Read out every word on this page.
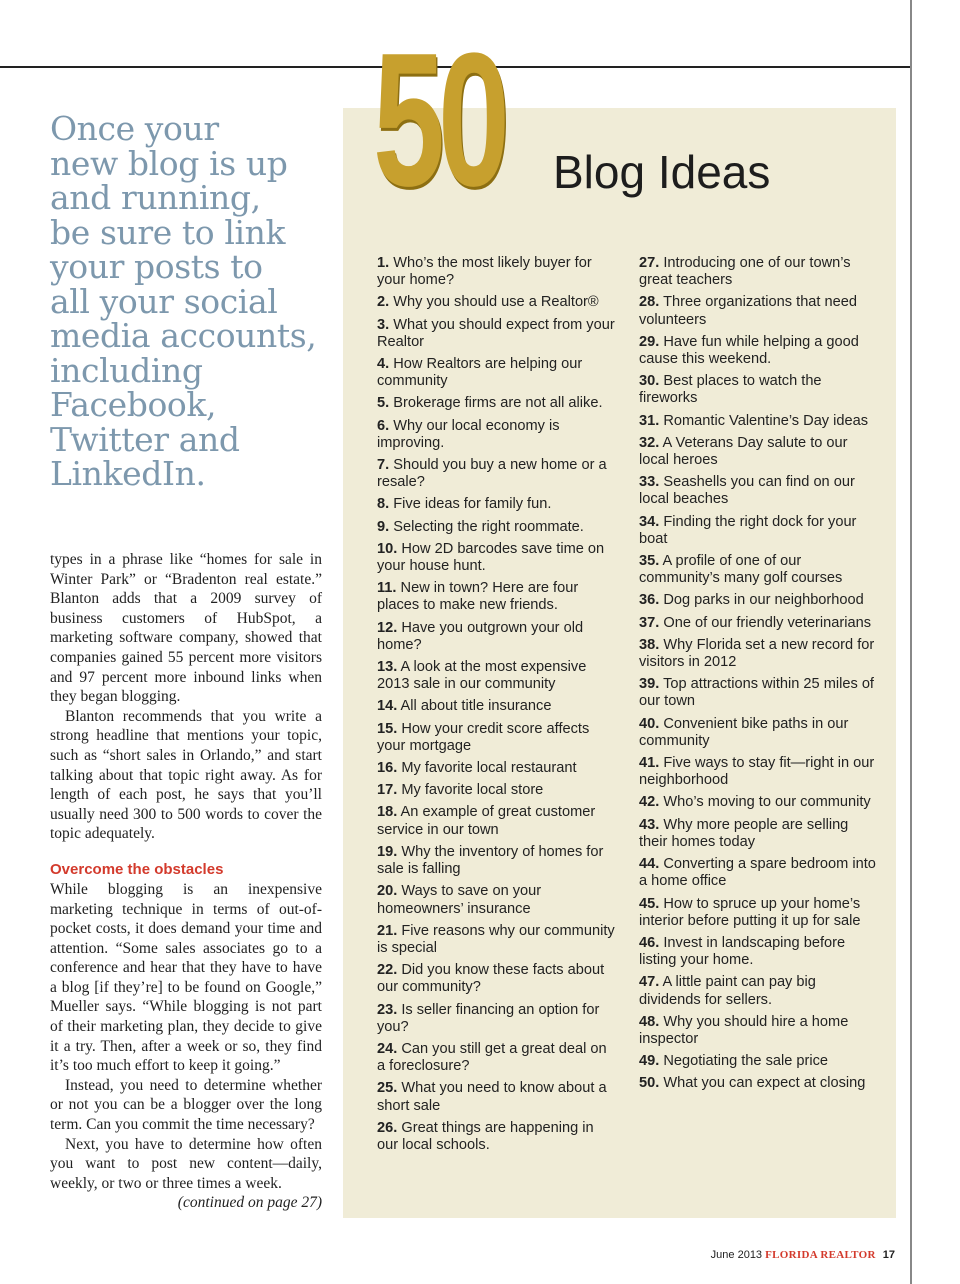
Once your
new blog is up
and running,
be sure to link
your posts to
all your social
media accounts,
including
Facebook,
Twitter and
LinkedIn.

types in a phrase like “homes for sale in Winter Park” or “Bradenton real estate.” Blanton adds that a 2009 survey of business customers of HubSpot, a marketing software company, showed that companies gained 55 percent more visitors and 97 percent more inbound links when they began blogging.

Blanton recommends that you write a strong headline that mentions your topic, such as “short sales in Orlando,” and start talking about that topic right away. As for length of each post, he says that you’ll usually need 300 to 500 words to cover the topic adequately.

Overcome the obstacles

While blogging is an inexpensive marketing technique in terms of out-of-pocket costs, it does demand your time and attention. “Some sales associates go to a conference and hear that they have to have a blog [if they’re] to be found on Google,” Mueller says. “While blogging is not part of their marketing plan, they decide to give it a try. Then, after a week or so, they find it’s too much effort to keep it going.”

Instead, you need to determine whether or not you can be a blogger over the long term. Can you commit the time necessary?

Next, you have to determine how often you want to post new content—daily, weekly, or two or three times a week.

(continued on page 27)

50 Blog Ideas
1. Who’s the most likely buyer for your home?
2. Why you should use a Realtor®
3. What you should expect from your Realtor
4. How Realtors are helping our community
5. Brokerage firms are not all alike.
6. Why our local economy is improving.
7. Should you buy a new home or a resale?
8. Five ideas for family fun.
9. Selecting the right roommate.
10. How 2D barcodes save time on your house hunt.
11. New in town? Here are four places to make new friends.
12. Have you outgrown your old home?
13. A look at the most expensive 2013 sale in our community
14. All about title insurance
15. How your credit score affects your mortgage
16. My favorite local restaurant
17. My favorite local store
18. An example of great customer service in our town
19. Why the inventory of homes for sale is falling
20. Ways to save on your homeowners’ insurance
21. Five reasons why our community is special
22. Did you know these facts about our community?
23. Is seller financing an option for you?
24. Can you still get a great deal on a foreclosure?
25. What you need to know about a short sale
26. Great things are happening in our local schools.
27. Introducing one of our town’s great teachers
28. Three organizations that need volunteers
29. Have fun while helping a good cause this weekend.
30. Best places to watch the fireworks
31. Romantic Valentine’s Day ideas
32. A Veterans Day salute to our local heroes
33. Seashells you can find on our local beaches
34. Finding the right dock for your boat
35. A profile of one of our community’s many golf courses
36. Dog parks in our neighborhood
37. One of our friendly veterinarians
38. Why Florida set a new record for visitors in 2012
39. Top attractions within 25 miles of our town
40. Convenient bike paths in our community
41. Five ways to stay fit—right in our neighborhood
42. Who’s moving to our community
43. Why more people are selling their homes today
44. Converting a spare bedroom into a home office
45. How to spruce up your home’s interior before putting it up for sale
46. Invest in landscaping before listing your home.
47. A little paint can pay big dividends for sellers.
48. Why you should hire a home inspector
49. Negotiating the sale price
50. What you can expect at closing
June 2013 FLORIDA REALTOR 17
